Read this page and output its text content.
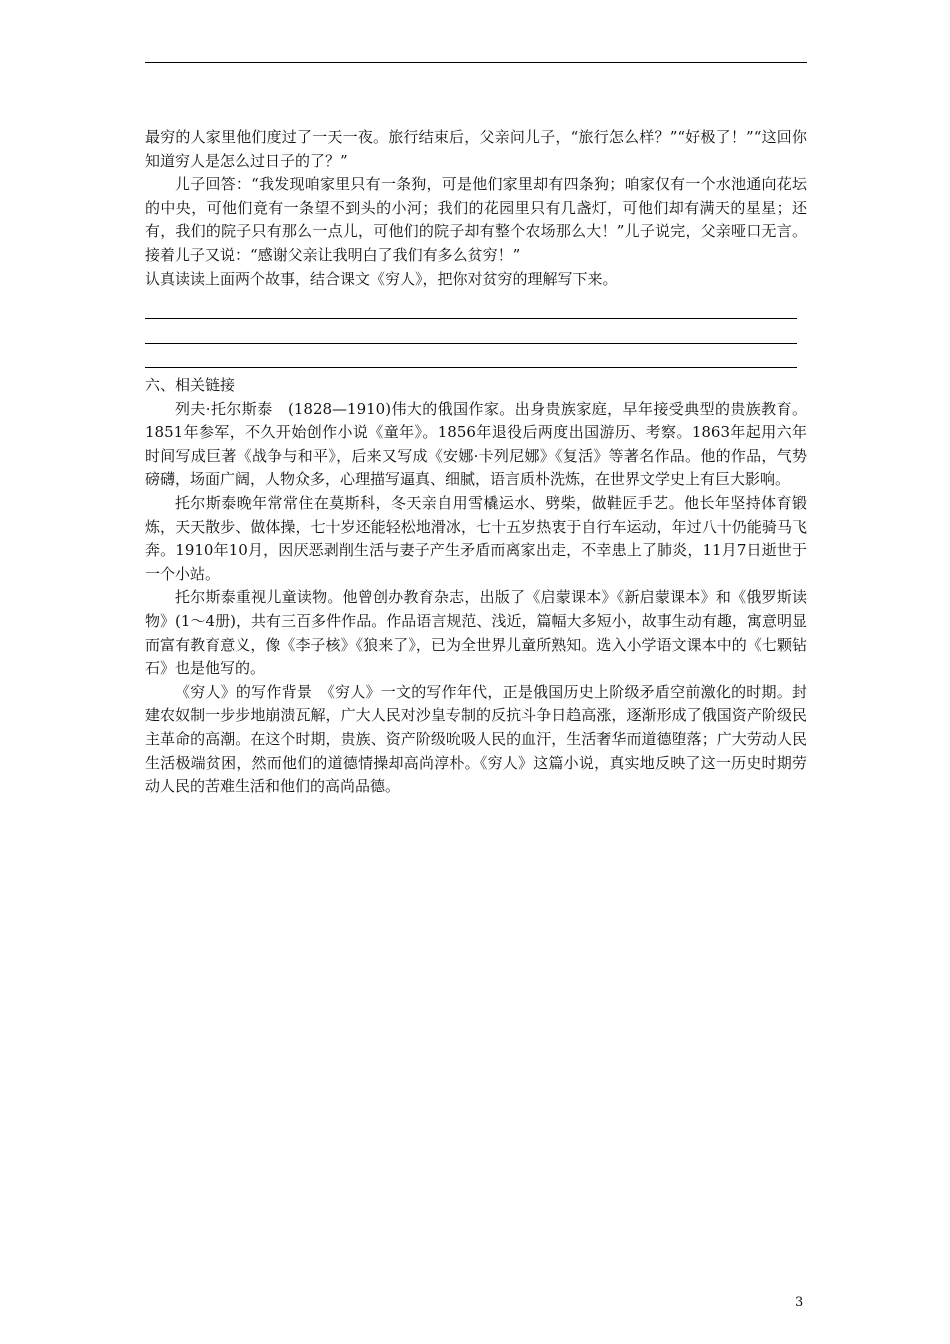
最穷的人家里他们度过了一天一夜。旅行结束后，父亲问儿子，“旅行怎么样？”“好极了！”“这回你知道穷人是怎么过日子的了？”

儿子回答：“我发现咱家里只有一条狗，可是他们家里却有四条狗；咱家仅有一个水池通向花坛的中央，可他们竟有一条望不到头的小河；我们的花园里只有几盏灯，可他们却有满天的星星；还有，我们的院子只有那么一点儿，可他们的院子却有整个农场那么大！”儿子说完，父亲哑口无言。接着儿子又说：“感谢父亲让我明白了我们有多么贫穷！”

认真读读上面两个故事，结合课文《穷人》，把你对贫穷的理解写下来。

六、相关链接

列夫·托尔斯泰　(1828—1910)伟大的俄国作家。出身贵族家庭，早年接受典型的贵族教育。1851年参军，不久开始创作小说《童年》。1856年退役后两度出国游历、考察。1863年起用六年时间写成巨著《战争与和平》，后来又写成《安娜·卡列尼娜》《复活》等著名作品。他的作品，气势磅礴，场面广阔，人物众多，心理描写逼真、细腻，语言质朴洗炼，在世界文学史上有巨大影响。

托尔斯泰晚年常常住在莫斯科，冬天亲自用雪橇运水、劈柴，做鞋匠手艺。他长年坚持体育锻炼，天天散步、做体操，七十岁还能轻松地滑冰，七十五岁热衷于自行车运动，年过八十仍能骑马飞奔。1910年10月，因厌恶剥削生活与妻子产生矛盾而离家出走，不幸患上了肺炎，11月7日逝世于一个小站。

托尔斯泰重视儿童读物。他曾创办教育杂志，出版了《启蒙课本》《新启蒙课本》和《俄罗斯读物》(1～4册)，共有三百多件作品。作品语言规范、浅近，篇幅大多短小，故事生动有趣，寓意明显而富有教育意义，像《李子核》《狼来了》，已为全世界儿童所熟知。选入小学语文课本中的《七颗钻石》也是他写的。

《穷人》的写作背景　《穷人》一文的写作年代，正是俄国历史上阶级矛盾空前激化的时期。封建农奴制一步步地崩溃瓦解，广大人民对沙皇专制的反抗斗争日趋高涨，逐渐形成了俄国资产阶级民主革命的高潮。在这个时期，贵族、资产阶级吮吸人民的血汗，生活奢华而道德堕落；广大劳动人民生活极端贫困，然而他们的道德情操却高尚淳朴。《穷人》这篇小说，真实地反映了这一历史时期劳动人民的苦难生活和他们的高尚品德。

3
